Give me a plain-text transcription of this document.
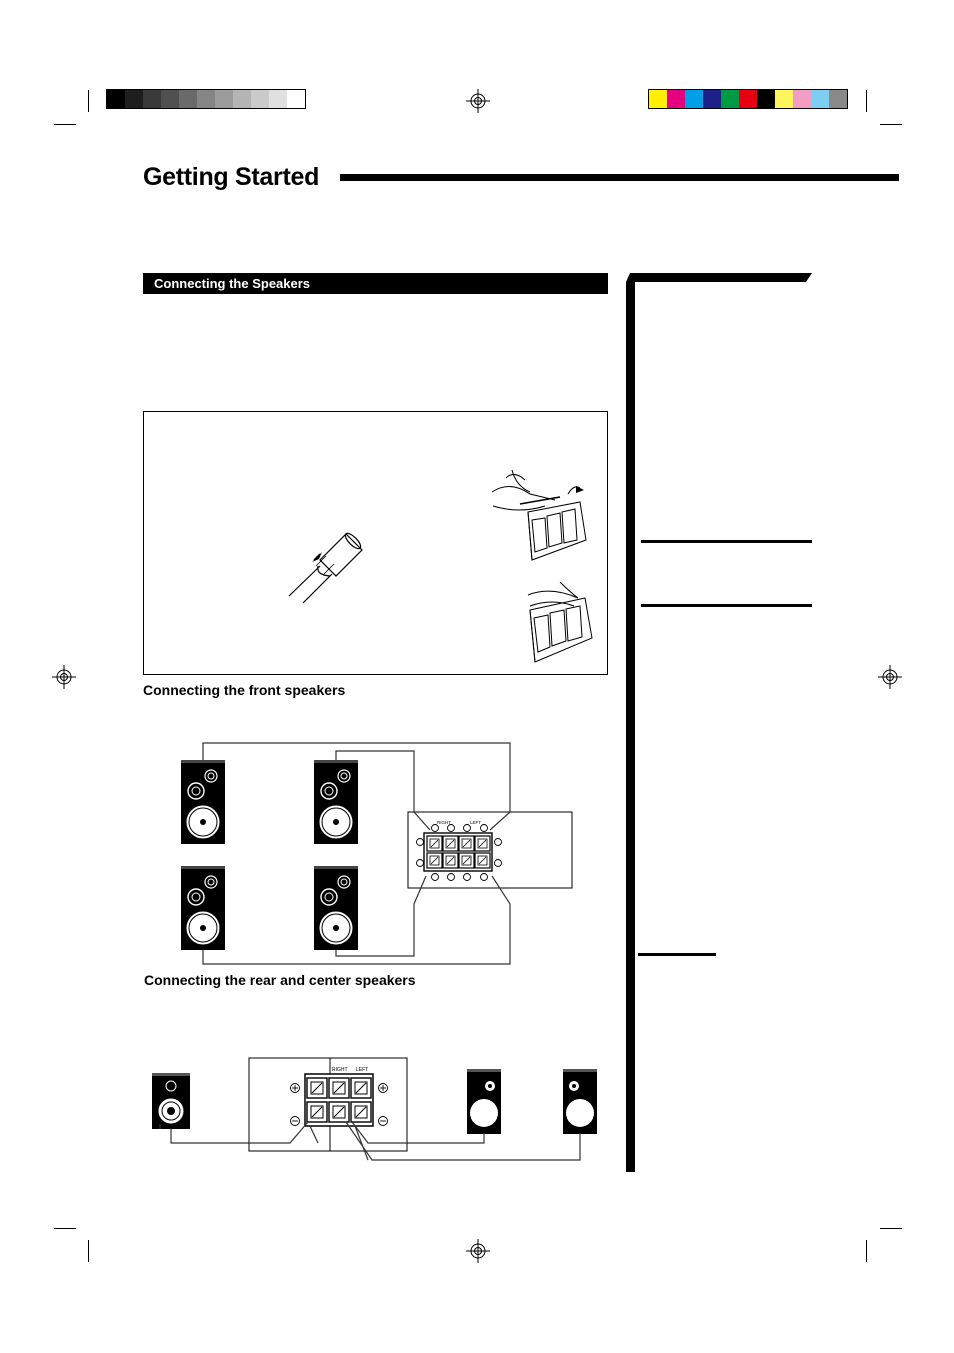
Getting Started
Connecting the Speakers
Connecting the front speakers
Connecting the rear and center speakers
RIGHT	LEFT
RIGHT LEFT
